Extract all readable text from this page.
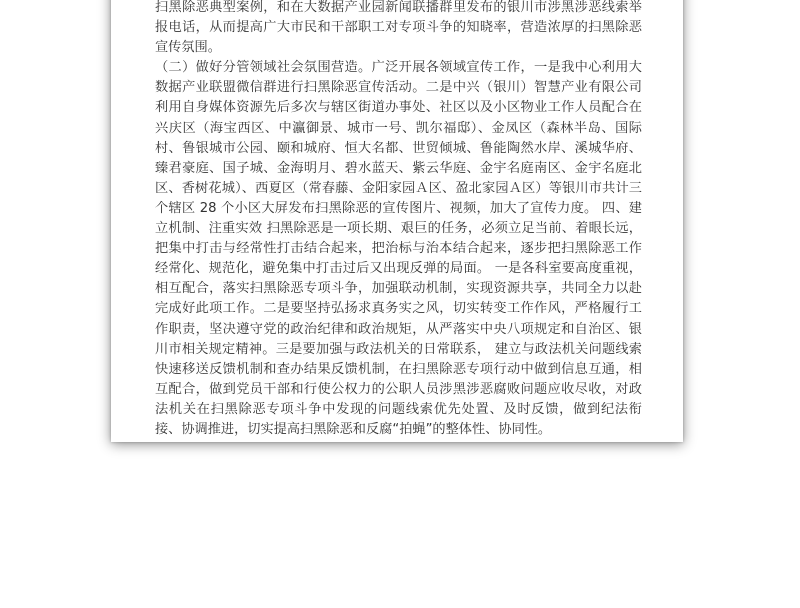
扫黑除恶典型案例，和在大数据产业园新闻联播群里发布的银川市涉黑涉恶线索举报电话，从而提高广大市民和干部职工对专项斗争的知晓率，营造浓厚的扫黑除恶宣传氛围。

（二）做好分管领域社会氛围营造。广泛开展各领域宣传工作，一是我中心利用大数据产业联盟微信群进行扫黑除恶宣传活动。二是中兴（银川）智慧产业有限公司利用自身媒体资源先后多次与辖区街道办事处、社区以及小区物业工作人员配合在兴庆区（海宝西区、中瀛御景、城市一号、凯尔福邸）、金凤区（森林半岛、国际村、鲁银城市公园、颐和城府、恒大名都、世贸倾城、鲁能陶然水岸、溪城华府、臻君豪庭、国子城、金海明月、碧水蓝天、紫云华庭、金宇名庭南区、金宇名庭北区、香树花城）、西夏区（常春藤、金阳家园Ａ区、盈北家园Ａ区）等银川市共计三个辖区 28 个小区大屏发布扫黑除恶的宣传图片、视频，加大了宣传力度。 四、建立机制、注重实效 扫黑除恶是一项长期、艰巨的任务，必须立足当前、着眼长远，把集中打击与经常性打击结合起来，把治标与治本结合起来，逐步把扫黑除恶工作经常化、规范化，避免集中打击过后又出现反弹的局面。 一是各科室要高度重视，相互配合，落实扫黑除恶专项斗争，加强联动机制，实现资源共享，共同全力以赴完成好此项工作。二是要坚持弘扬求真务实之风，切实转变工作作风，严格履行工作职责，坚决遵守党的政治纪律和政治规矩，从严落实中央八项规定和自治区、银川市相关规定精神。三是要加强与政法机关的日常联系， 建立与政法机关问题线索快速移送反馈机制和查办结果反馈机制，在扫黑除恶专项行动中做到信息互通，相互配合，做到党员干部和行使公权力的公职人员涉黑涉恶腐败问题应收尽收，对政法机关在扫黑除恶专项斗争中发现的问题线索优先处置、及时反馈，做到纪法衔接、协调推进，切实提高扫黑除恶和反腐“拍蝇”的整体性、协同性。
